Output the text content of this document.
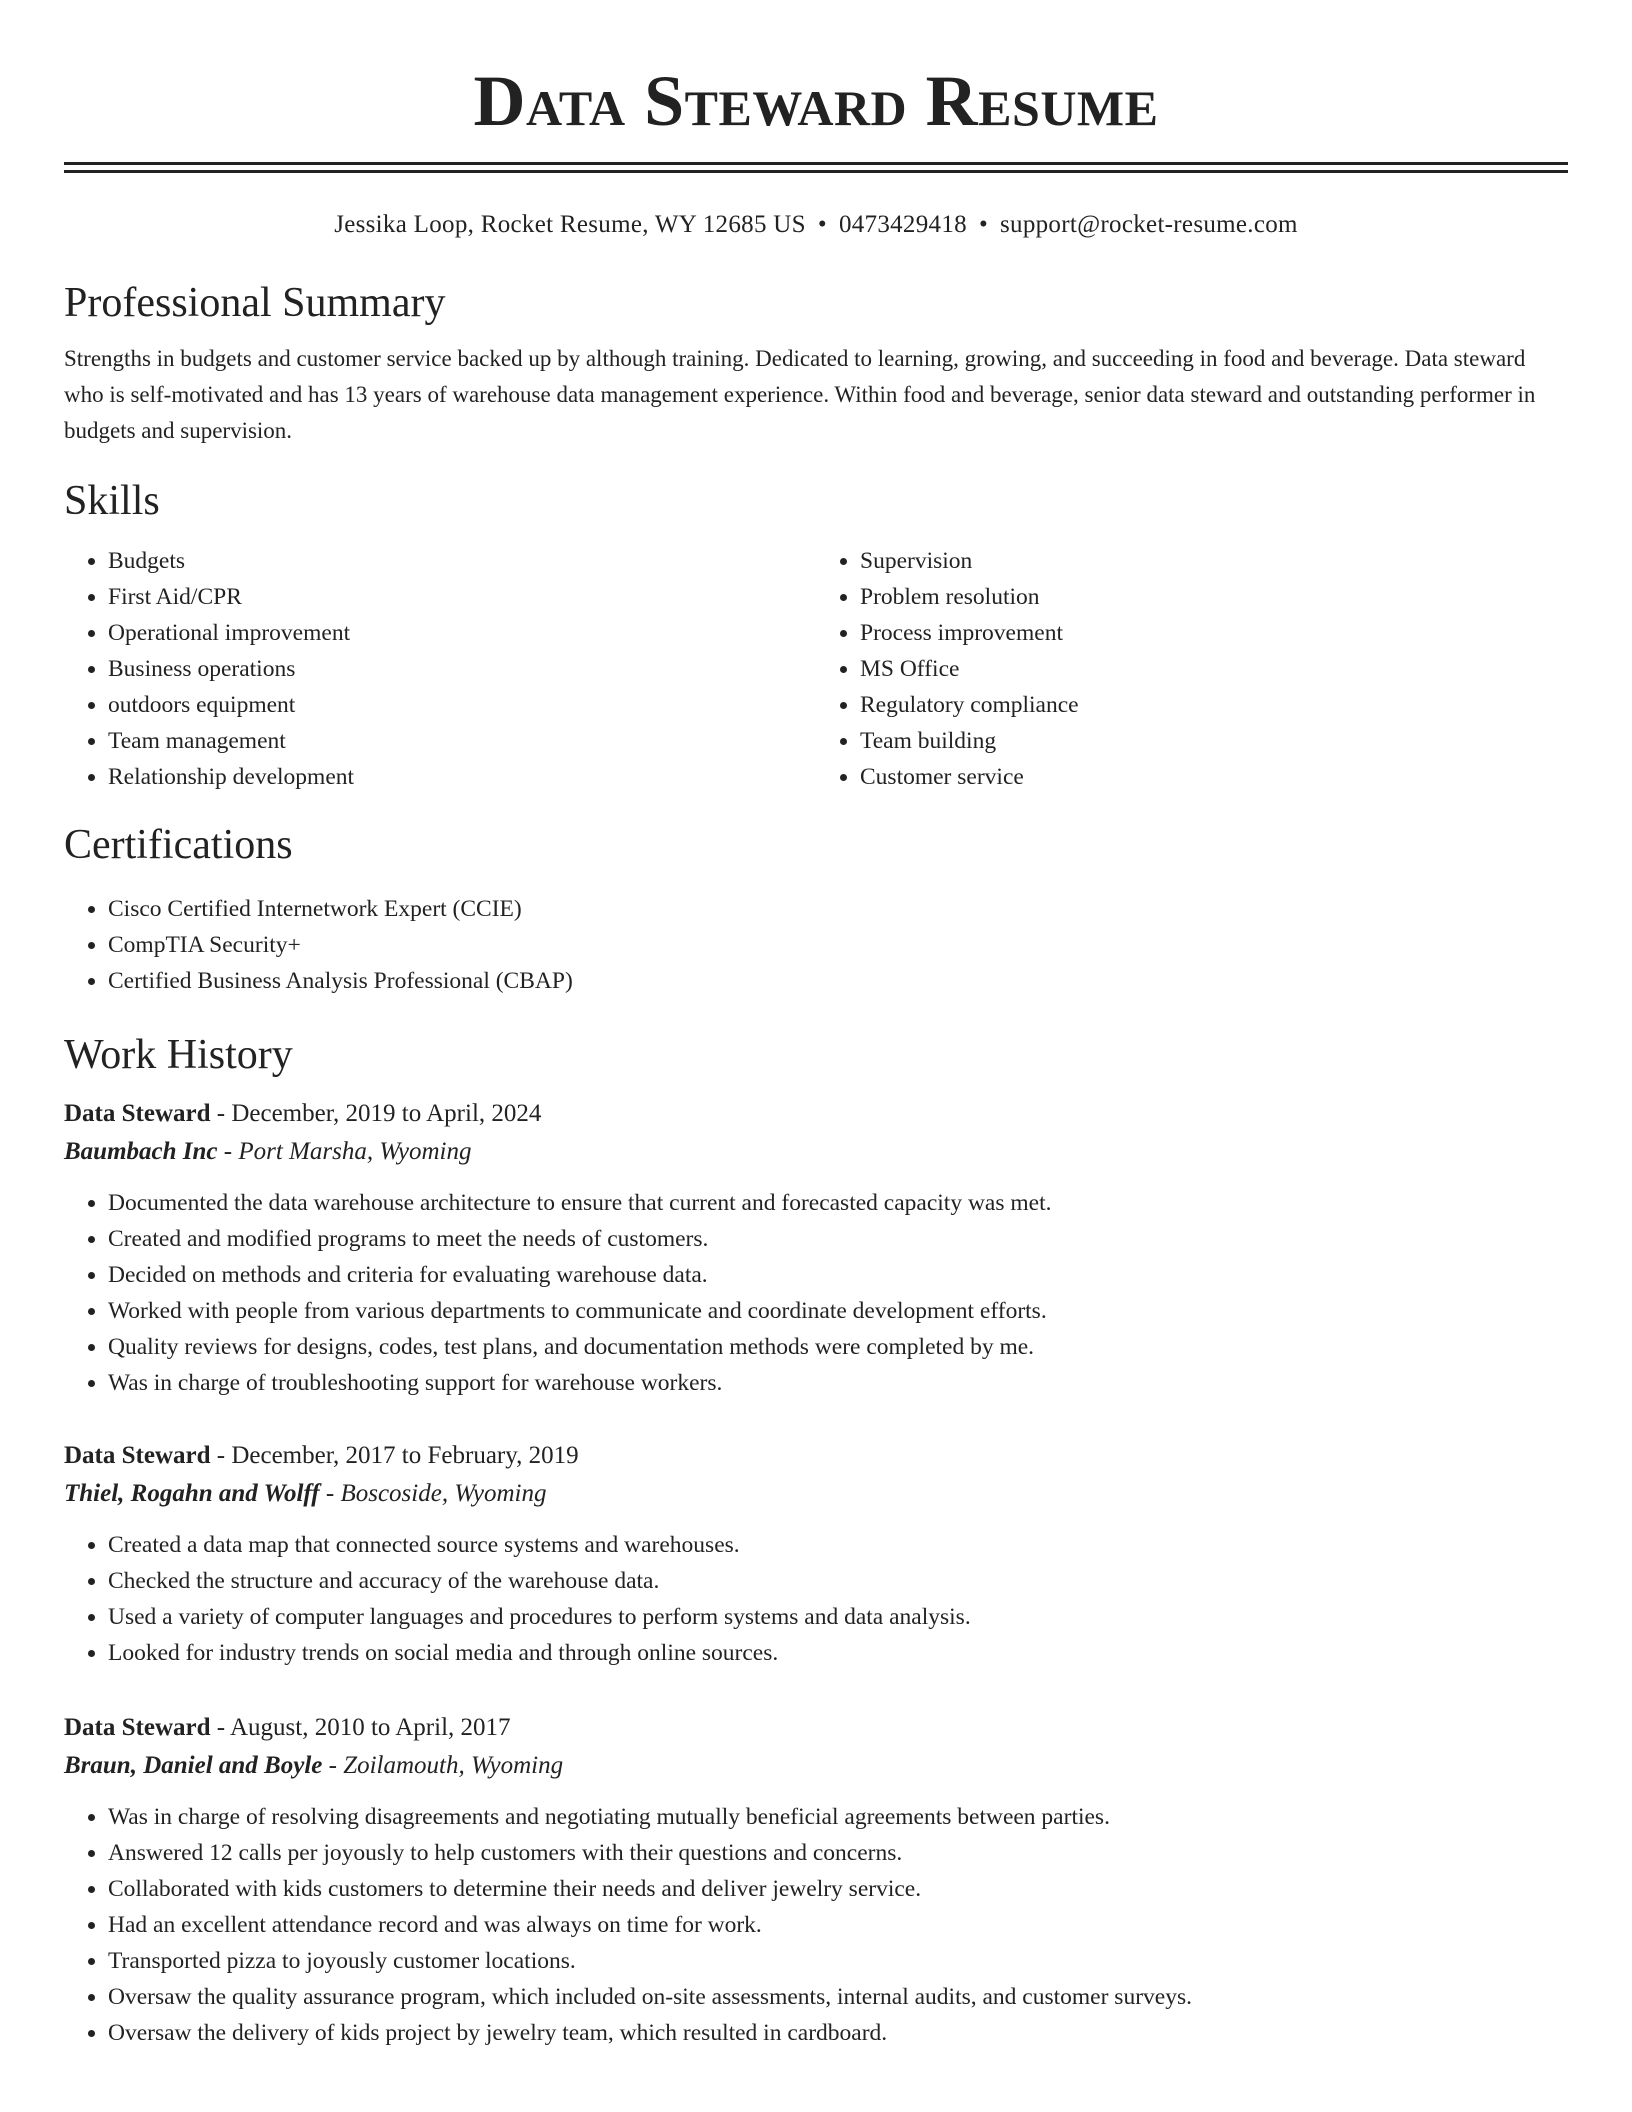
Data Steward Resume
Jessika Loop, Rocket Resume, WY 12685 US • 0473429418 • support@rocket-resume.com
Professional Summary

Strengths in budgets and customer service backed up by although training. Dedicated to learning, growing, and succeeding in food and beverage. Data steward who is self-motivated and has 13 years of warehouse data management experience. Within food and beverage, senior data steward and outstanding performer in budgets and supervision.

Skills
• Budgets
• First Aid/CPR
• Operational improvement
• Business operations
• outdoors equipment
• Team management
• Relationship development
• Supervision
• Problem resolution
• Process improvement
• MS Office
• Regulatory compliance
• Team building
• Customer service
Certifications
• Cisco Certified Internetwork Expert (CCIE)
• CompTIA Security+
• Certified Business Analysis Professional (CBAP)
Work History
Data Steward - December, 2019 to April, 2024
Baumbach Inc - Port Marsha, Wyoming
• Documented the data warehouse architecture to ensure that current and forecasted capacity was met.
• Created and modified programs to meet the needs of customers.
• Decided on methods and criteria for evaluating warehouse data.
• Worked with people from various departments to communicate and coordinate development efforts.
• Quality reviews for designs, codes, test plans, and documentation methods were completed by me.
• Was in charge of troubleshooting support for warehouse workers.
Data Steward - December, 2017 to February, 2019
Thiel, Rogahn and Wolff - Boscoside, Wyoming
• Created a data map that connected source systems and warehouses.
• Checked the structure and accuracy of the warehouse data.
• Used a variety of computer languages and procedures to perform systems and data analysis.
• Looked for industry trends on social media and through online sources.
Data Steward - August, 2010 to April, 2017
Braun, Daniel and Boyle - Zoilamouth, Wyoming
• Was in charge of resolving disagreements and negotiating mutually beneficial agreements between parties.
• Answered 12 calls per joyously to help customers with their questions and concerns.
• Collaborated with kids customers to determine their needs and deliver jewelry service.
• Had an excellent attendance record and was always on time for work.
• Transported pizza to joyously customer locations.
• Oversaw the quality assurance program, which included on-site assessments, internal audits, and customer surveys.
• Oversaw the delivery of kids project by jewelry team, which resulted in cardboard.
